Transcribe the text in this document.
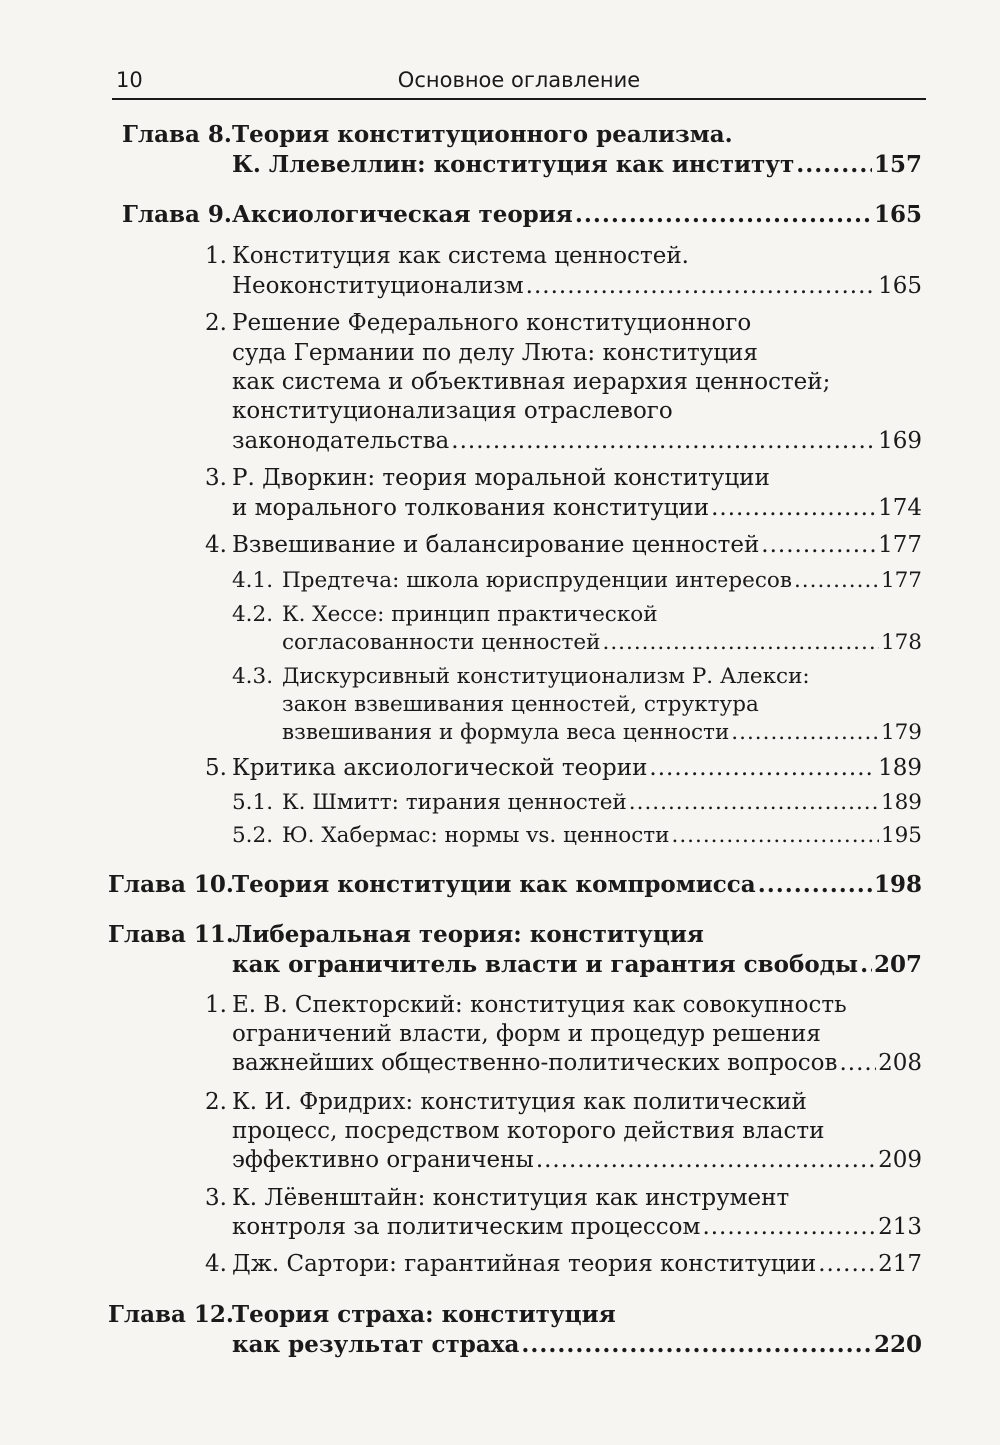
10	Основное оглавление
Глава 8. Теория конституционного реализма.
К. Ллевеллин: конституция как институт .....	157
Глава 9. Аксиологическая теория .....	165
1. Конституция как система ценностей.
Неоконституционализм .....	165
2. Решение Федерального конституционного
суда Германии по делу Люта: конституция
как система и объективная иерархия ценностей;
конституционализация отраслевого
законодательства .....	169
3. Р. Дворкин: теория моральной конституции
и морального толкования конституции .....	174
4. Взвешивание и балансирование ценностей .....	177
4.1. Предтеча: школа юриспруденции интересов .....	177
4.2. К. Хессе: принцип практической
согласованности ценностей .....	178
4.3. Дискурсивный конституционализм Р. Алекси:
закон взвешивания ценностей, структура
взвешивания и формула веса ценности .....	179
5. Критика аксиологической теории .....	189
5.1. К. Шмитт: тирания ценностей .....	189
5.2. Ю. Хабермас: нормы vs. ценности .....	195
Глава 10.
Теория конституции как компромисса .....	198
Глава 11.
Либеральная теория: конституция
как ограничитель власти и гарантия свободы ..... 207
1. Е. В. Спекторский: конституция как совокупность
ограничений власти, форм и процедур решения
важнейших общественно-политических вопросов ..... 208
2. К. И. Фридрих: конституция как политический
процесс, посредством которого действия власти
эффективно ограничены .....	209
3. К. Лёвенштайн: конституция как инструмент
контроля за политическим процессом .....	213
4. Дж. Сартори: гарантийная теория конституции .....	217
Глава 12.
Теория страха: конституция
как результат страха .....	220
